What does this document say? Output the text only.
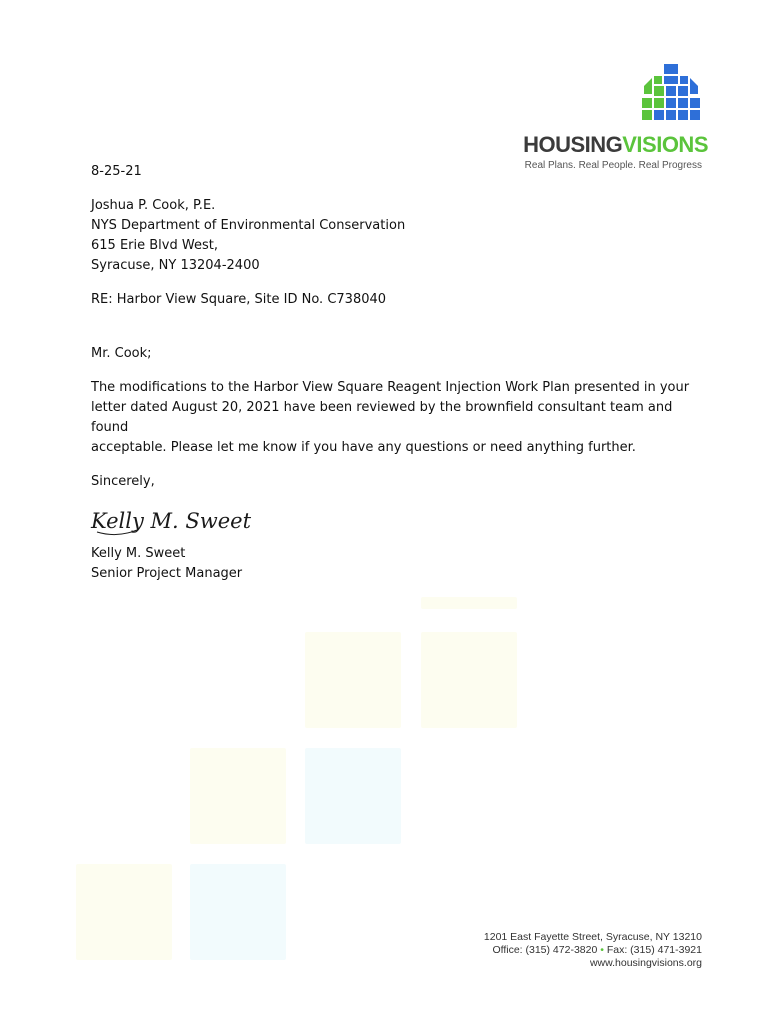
HOUSINGVISIONS
Real Plans. Real People. Real Progress

8-25-21

Joshua P. Cook, P.E.

NYS Department of Environmental Conservation

615 Erie Blvd West,

Syracuse, NY 13204-2400

RE: Harbor View Square, Site ID No. C738040

Mr. Cook;

The modifications to the Harbor View Square Reagent Injection Work Plan presented in your

letter dated August 20, 2021 have been reviewed by the brownfield consultant team and found

acceptable. Please let me know if you have any questions or need anything further.

Sincerely,

Kelly M. Sweet

Kelly M. Sweet

Senior Project Manager

1201 East Fayette Street, Syracuse, NY 13210
Office: (315) 472-3820 • Fax: (315) 471-3921
www.housingvisions.org
